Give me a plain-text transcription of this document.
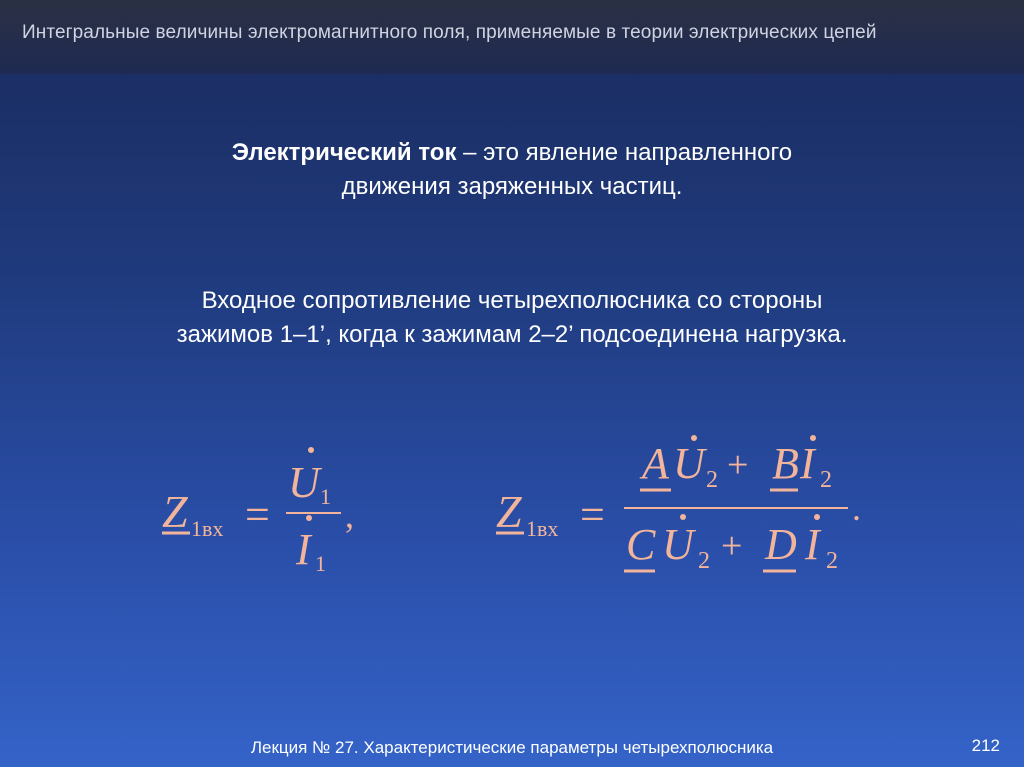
Интегральные величины электромагнитного поля, применяемые в теории электрических цепей
Электрический ток – это явление направленного
движения заряженных частиц.
Входное сопротивление четырехполюсника со стороны
зажимов 1–1’, когда к зажимам 2–2’ подсоединена нагрузка.
Z 1вх =
U 1
I 1
,	Z 1вх =
A U 2 + B I 2
C U 2 + D I 2
.
Лекция № 27. Характеристические параметры четырехполюсника	212
